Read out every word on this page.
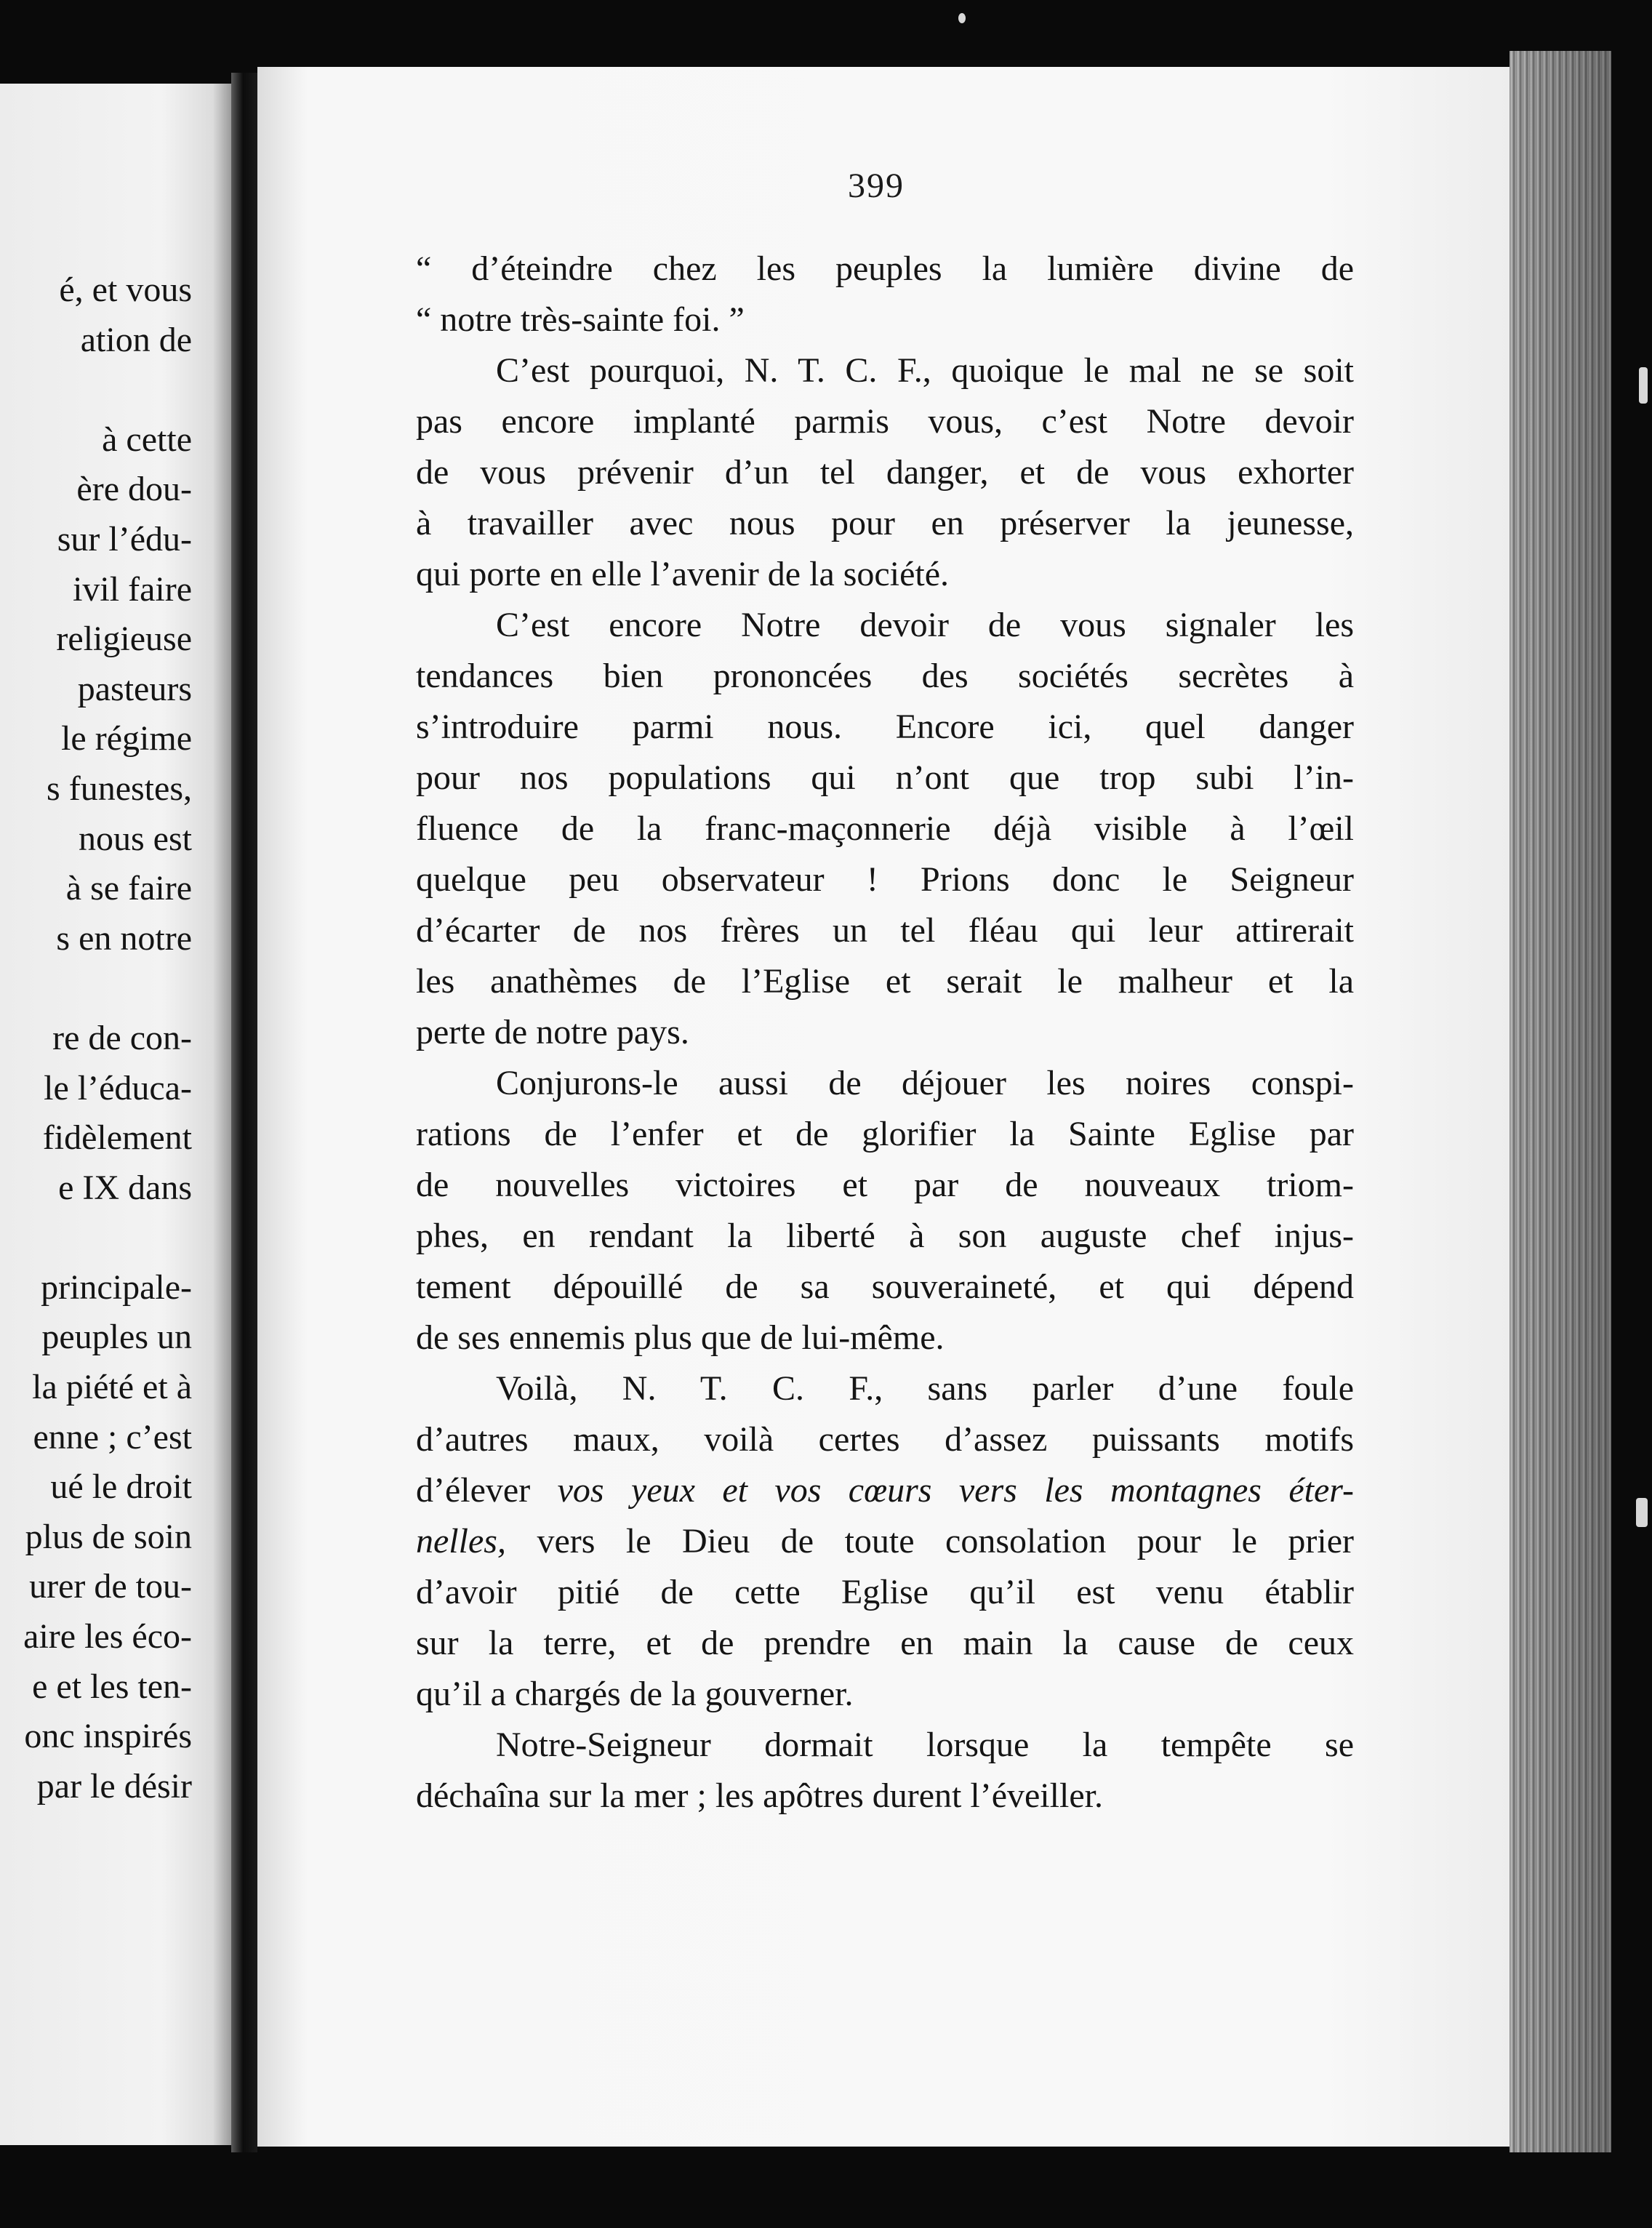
é, et vous
ation de
à cette
ère dou-
sur l’édu-
ivil faire
religieuse
pasteurs
le régime
s funestes,
nous est
à se faire
s en notre
re de con-
le l’éduca-
fidèlement
e IX dans
principale-
peuples un
la piété et à
enne ; c’est
ué le droit
plus de soin
urer de tou-
aire les éco-
e et les ten-
onc inspirés
par le désir
399
“ d’éteindre chez les peuples la lumière divine de
“ notre très-sainte foi. ”
C’est pourquoi, N. T. C. F., quoique le mal ne se soit
pas encore implanté parmis vous, c’est Notre devoir
de vous prévenir d’un tel danger, et de vous exhorter
à travailler avec nous pour en préserver la jeunesse,
qui porte en elle l’avenir de la société.
C’est encore Notre devoir de vous signaler les
tendances bien prononcées des sociétés secrètes à
s’introduire parmi nous. Encore ici, quel danger
pour nos populations qui n’ont que trop subi l’in-
fluence de la franc-maçonnerie déjà visible à l’œil
quelque peu observateur ! Prions donc le Seigneur
d’écarter de nos frères un tel fléau qui leur attirerait
les anathèmes de l’Eglise et serait le malheur et la
perte de notre pays.
Conjurons-le aussi de déjouer les noires conspi-
rations de l’enfer et de glorifier la Sainte Eglise par
de nouvelles victoires et par de nouveaux triom-
phes, en rendant la liberté à son auguste chef injus-
tement dépouillé de sa souveraineté, et qui dépend
de ses ennemis plus que de lui-même.
Voilà, N. T. C. F., sans parler d’une foule
d’autres maux, voilà certes d’assez puissants motifs
d’élever vos yeux et vos cœurs vers les montagnes éter-
nelles, vers le Dieu de toute consolation pour le prier
d’avoir pitié de cette Eglise qu’il est venu établir
sur la terre, et de prendre en main la cause de ceux
qu’il a chargés de la gouverner.
Notre-Seigneur dormait lorsque la tempête se
déchaîna sur la mer ; les apôtres durent l’éveiller.
